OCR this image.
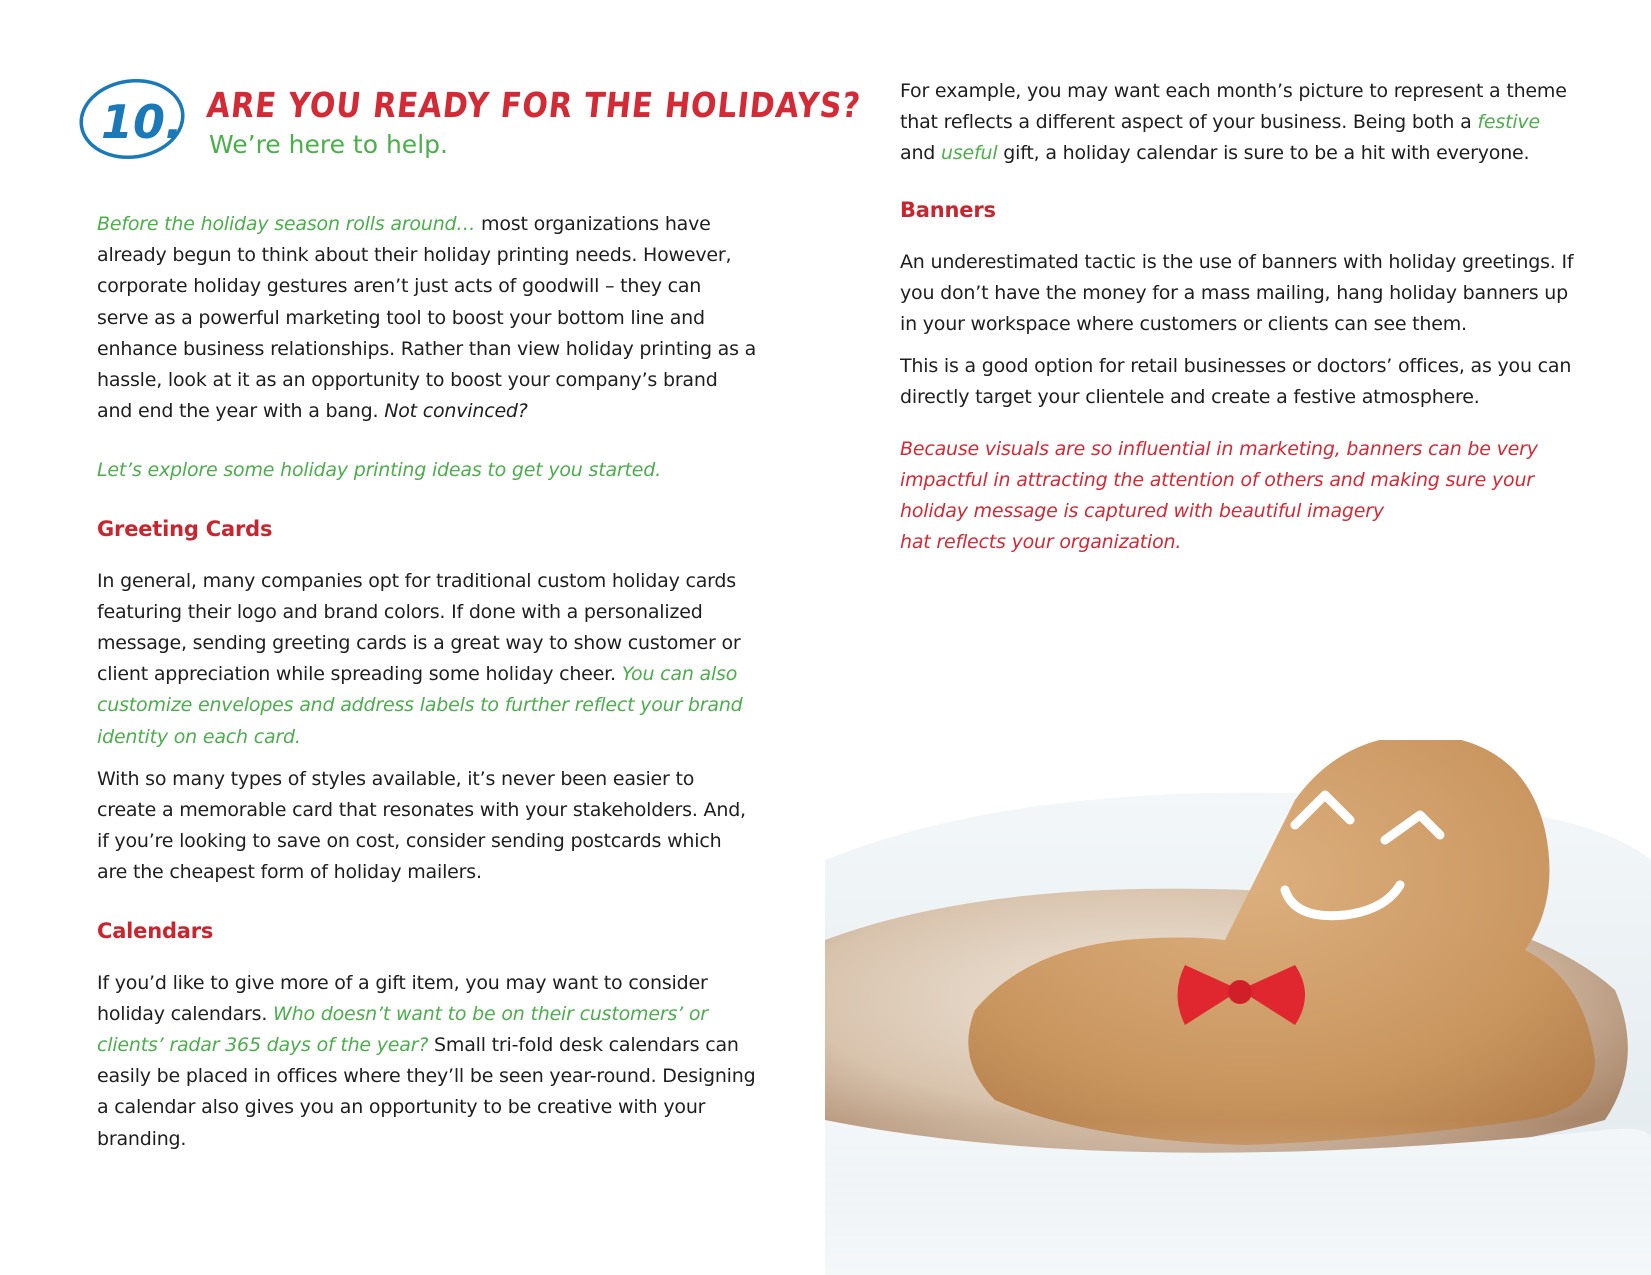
10. ARE YOU READY FOR THE HOLIDAYS?
We’re here to help.

Before the holiday season rolls around… most organizations have already begun to think about their holiday printing needs. However, corporate holiday gestures aren’t just acts of goodwill – they can serve as a powerful marketing tool to boost your bottom line and enhance business relationships. Rather than view holiday printing as a hassle, look at it as an opportunity to boost your company’s brand and end the year with a bang. Not convinced?

Let’s explore some holiday printing ideas to get you started.

Greeting Cards

In general, many companies opt for traditional custom holiday cards featuring their logo and brand colors. If done with a personalized message, sending greeting cards is a great way to show customer or client appreciation while spreading some holiday cheer. You can also customize envelopes and address labels to further reflect your brand identity on each card.

With so many types of styles available, it’s never been easier to create a memorable card that resonates with your stakeholders. And, if you’re looking to save on cost, consider sending postcards which are the cheapest form of holiday mailers.

Calendars

If you’d like to give more of a gift item, you may want to consider holiday calendars. Who doesn’t want to be on their customers’ or clients’ radar 365 days of the year? Small tri-fold desk calendars can easily be placed in offices where they’ll be seen year-round. Designing a calendar also gives you an opportunity to be creative with your branding.

For example, you may want each month’s picture to represent a theme that reflects a different aspect of your business. Being both a festive and useful gift, a holiday calendar is sure to be a hit with everyone.

Banners

An underestimated tactic is the use of banners with holiday greetings. If you don’t have the money for a mass mailing, hang holiday banners up in your workspace where customers or clients can see them.

This is a good option for retail businesses or doctors’ offices, as you can directly target your clientele and create a festive atmosphere.

Because visuals are so influential in marketing, banners can be very impactful in attracting the attention of others and making sure your holiday message is captured with beautiful imagery
hat reflects your organization.
